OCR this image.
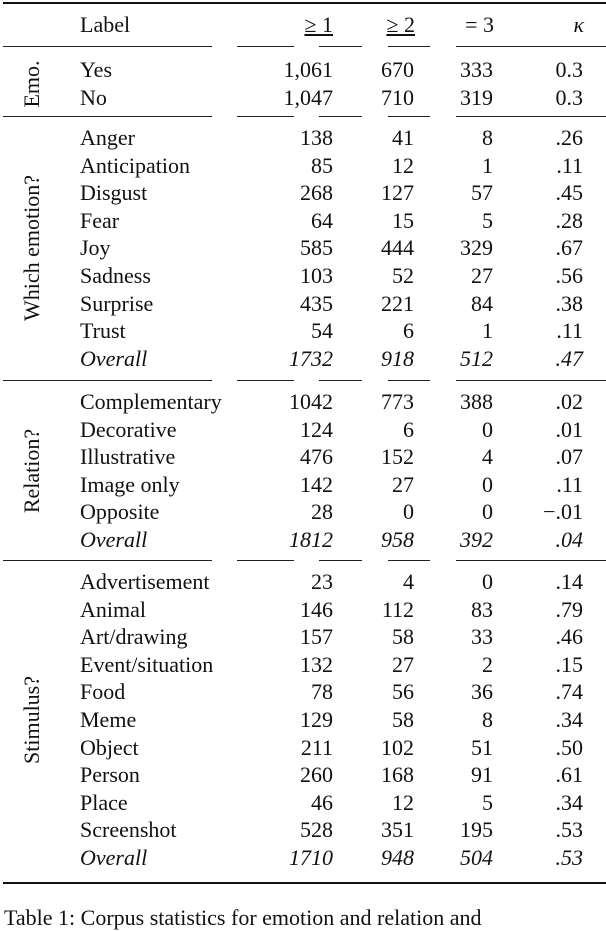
Label	≥ 1	≥ 2	= 3	κ
Emo. Yes	1,061	670	333	0.3
No	1,047	710	319	0.3
Which emotion?
Anger	138	41	8	.26
Anticipation	85	12	1	.11
Disgust	268	127	57	.45
Fear	64	15	5	.28
Joy	585	444	329	.67
Sadness	103	52	27	.56
Surprise	435	221	84	.38
Trust	54	6	1	.11
Overall	1732	918	512	.47
Relation?
Complementary	1042	773	388	.02
Decorative	124	6	0	.01
Illustrative	476	152	4	.07
Image only	142	27	0	.11
Opposite	28	0	0	−.01
Overall	1812	958	392	.04
Stimulus?
Advertisement	23	4	0	.14
Animal	146	112	83	.79
Art/drawing	157	58	33	.46
Event/situation	132	27	2	.15
Food	78	56	36	.74
Meme	129	58	8	.34
Object	211	102	51	.50
Person	260	168	91	.61
Place	46	12	5	.34
Screenshot	528	351	195	.53
Overall	1710	948	504	.53
Table 1: Corpus statistics for emotion and relation and
